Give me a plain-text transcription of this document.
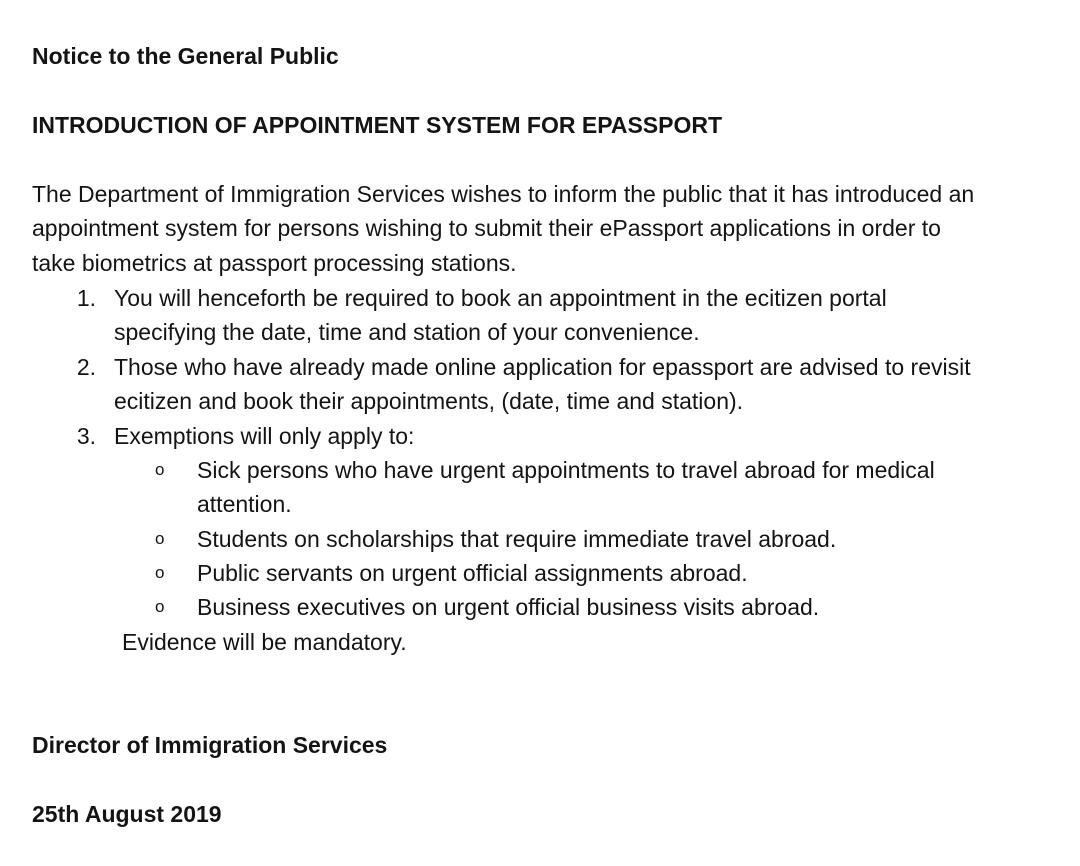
Notice to the General Public
INTRODUCTION OF APPOINTMENT SYSTEM FOR EPASSPORT
The Department of Immigration Services wishes to inform the public that it has introduced an
appointment system for persons wishing to submit their ePassport applications in order to
take biometrics at passport processing stations.
1. You will henceforth be required to book an appointment in the ecitizen portal
specifying the date, time and station of your convenience.
2. Those who have already made online application for epassport are advised to revisit
ecitizen and book their appointments, (date, time and station).
3. Exemptions will only apply to:
o Sick persons who have urgent appointments to travel abroad for medical
attention.
o Students on scholarships that require immediate travel abroad.
o Public servants on urgent official assignments abroad.
o Business executives on urgent official business visits abroad.
Evidence will be mandatory.
Director of Immigration Services
25th August 2019
